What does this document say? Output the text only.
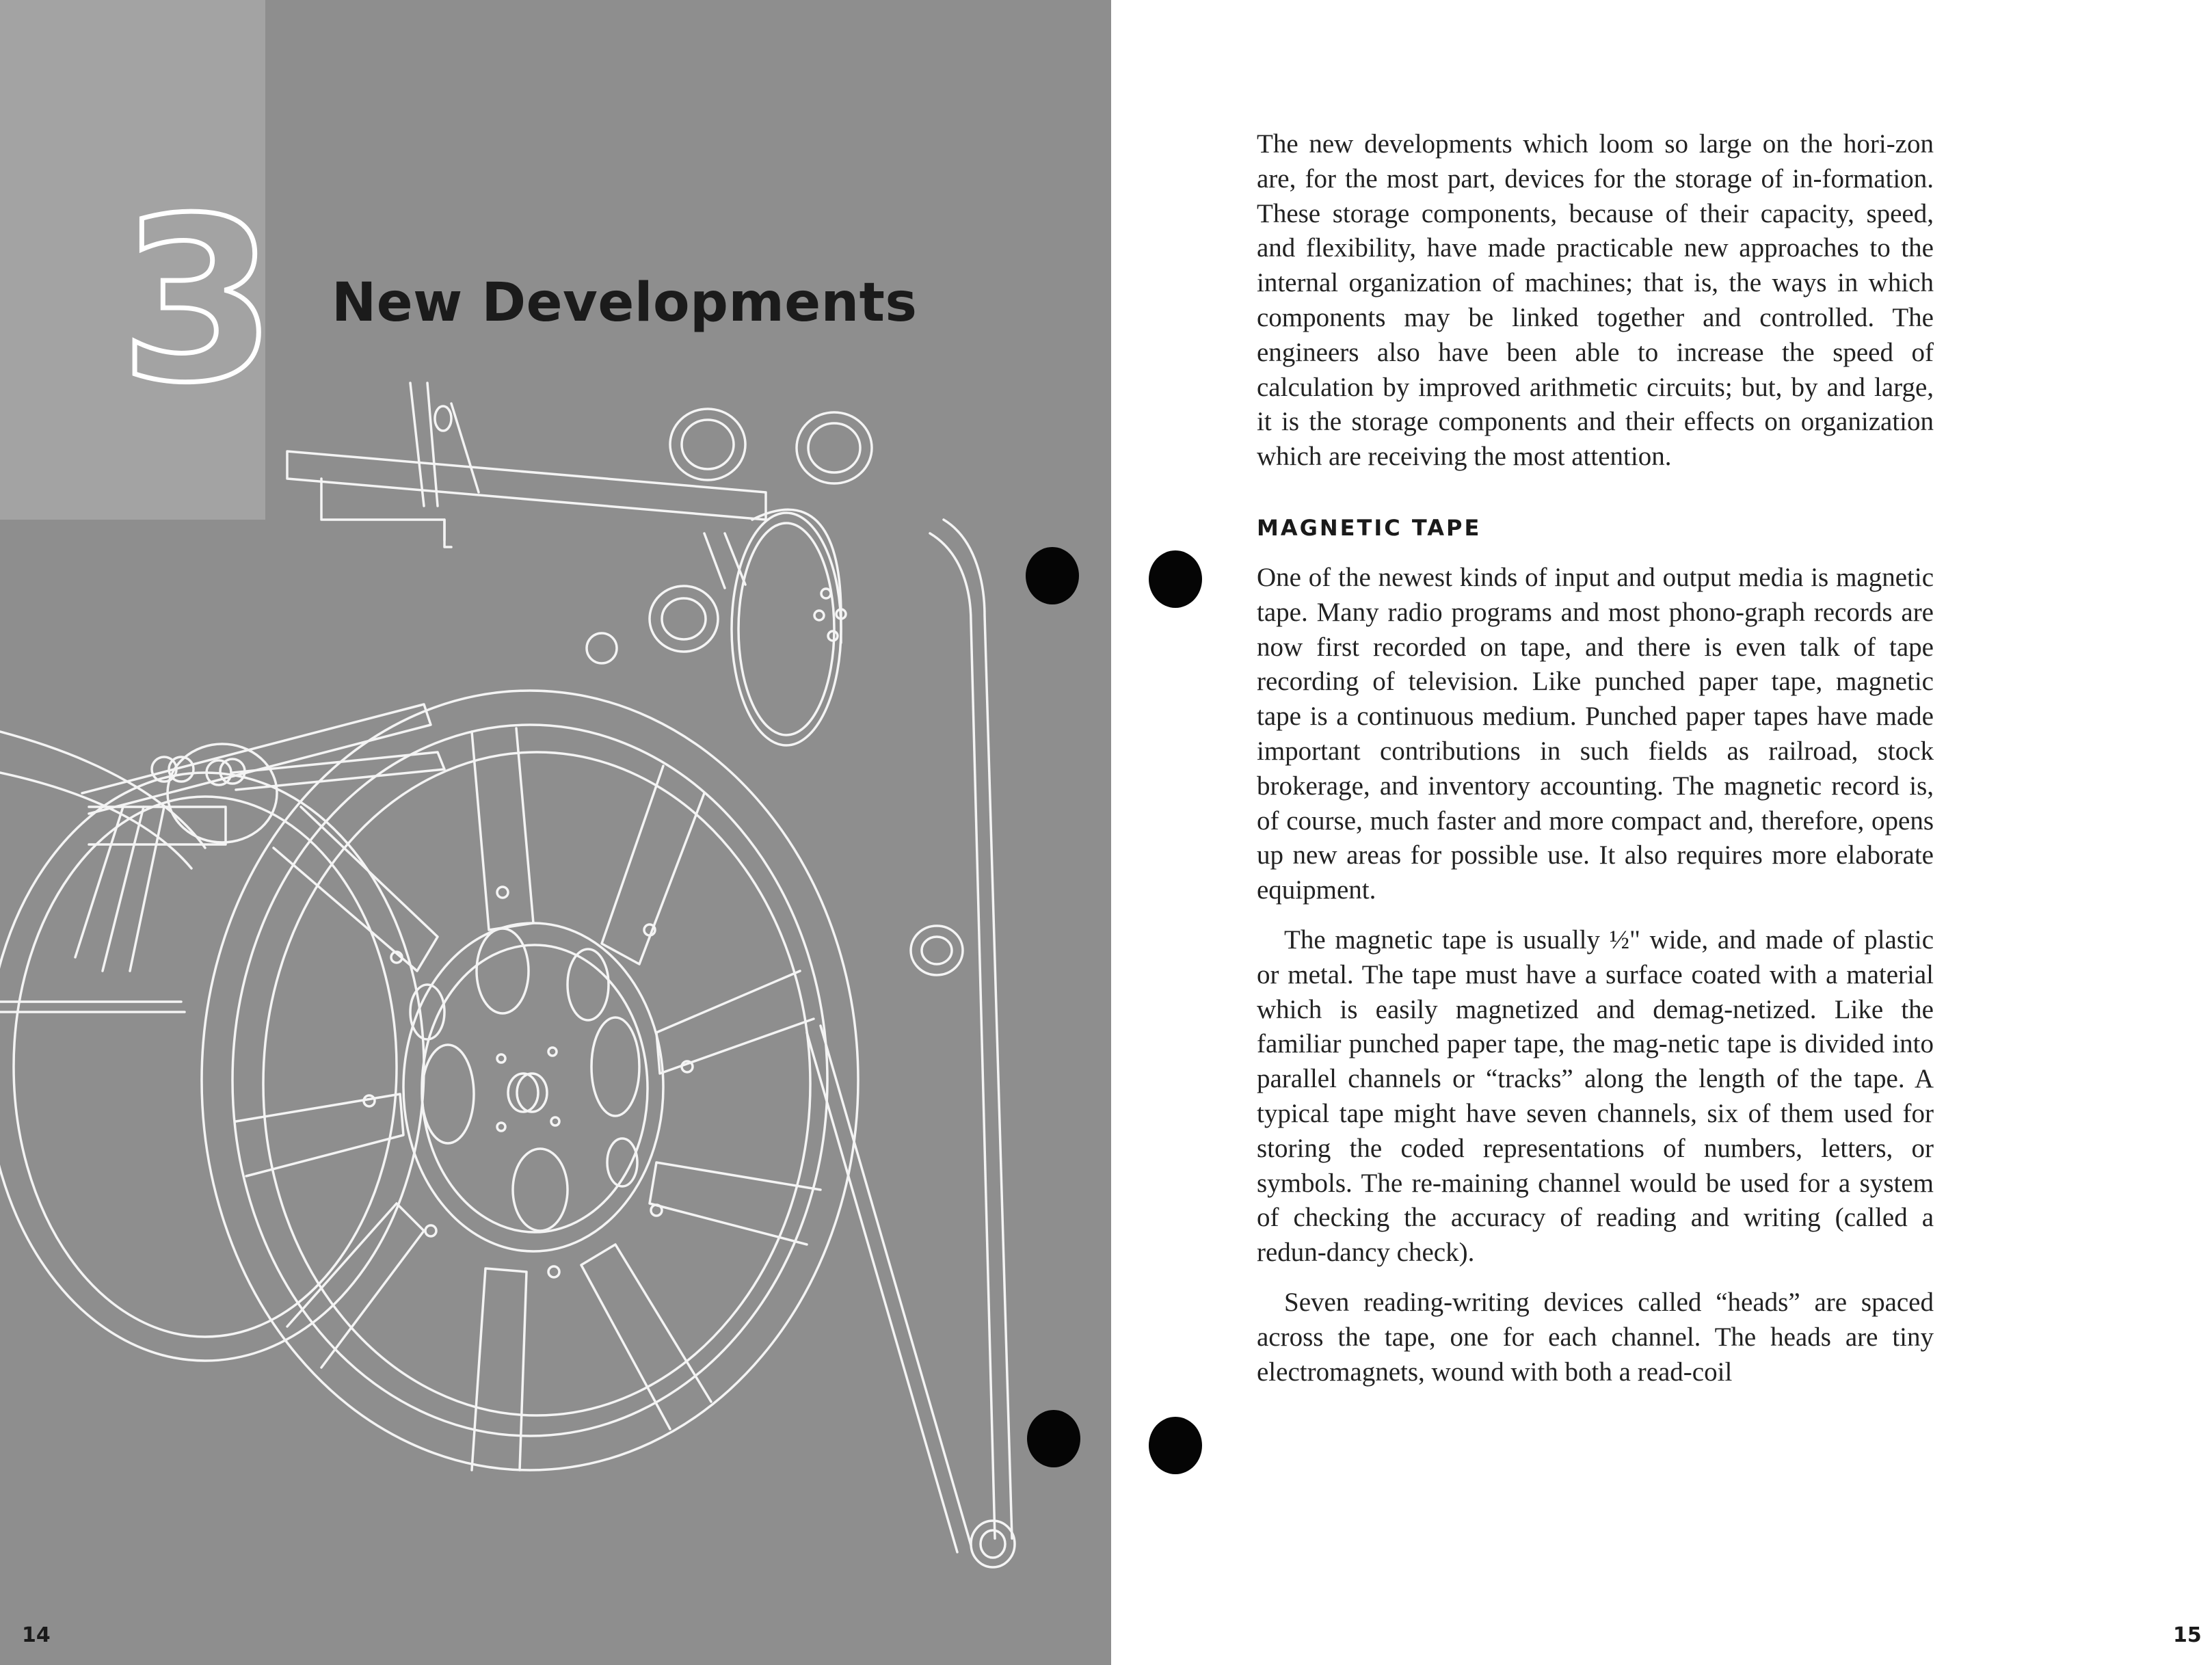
3 New Developments
14

The new developments which loom so large on the hori-zon are, for the most part, devices for the storage of in-formation. These storage components, because of their capacity, speed, and flexibility, have made practicable new approaches to the internal organization of machines; that is, the ways in which components may be linked together and controlled. The engineers also have been able to increase the speed of calculation by improved arithmetic circuits; but, by and large, it is the storage components and their effects on organization which are receiving the most attention.

MAGNETIC TAPE

One of the newest kinds of input and output media is magnetic tape. Many radio programs and most phono-graph records are now first recorded on tape, and there is even talk of tape recording of television. Like punched paper tape, magnetic tape is a continuous medium. Punched paper tapes have made important contributions in such fields as railroad, stock brokerage, and inventory accounting. The magnetic record is, of course, much faster and more compact and, therefore, opens up new areas for possible use. It also requires more elaborate equipment.

The magnetic tape is usually ½" wide, and made of plastic or metal. The tape must have a surface coated with a material which is easily magnetized and demag-netized. Like the familiar punched paper tape, the mag-netic tape is divided into parallel channels or “tracks” along the length of the tape. A typical tape might have seven channels, six of them used for storing the coded representations of numbers, letters, or symbols. The re-maining channel would be used for a system of checking the accuracy of reading and writing (called a redun-dancy check).

Seven reading-writing devices called “heads” are spaced across the tape, one for each channel. The heads are tiny electromagnets, wound with both a read-coil

15
